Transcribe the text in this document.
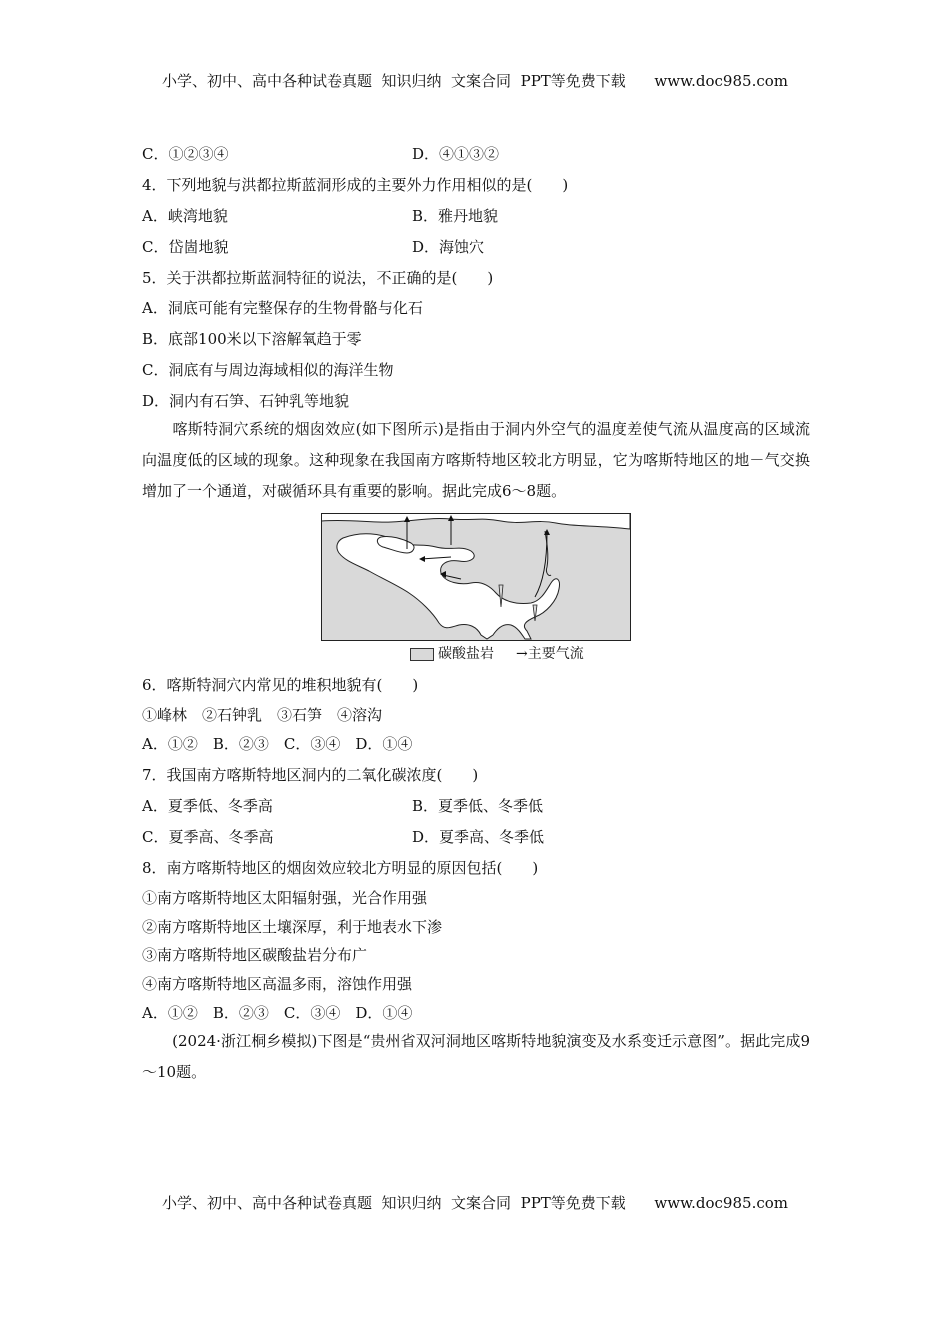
小学、初中、高中各种试卷真题  知识归纳  文案合同  PPT等免费下载      www.doc985.com
C．①②③④	D．④①③②
4．下列地貌与洪都拉斯蓝洞形成的主要外力作用相似的是(　　)
A．峡湾地貌	B．雅丹地貌
C．岱崮地貌	D．海蚀穴
5．关于洪都拉斯蓝洞特征的说法，不正确的是(　　)
A．洞底可能有完整保存的生物骨骼与化石
B．底部100米以下溶解氧趋于零
C．洞底有与周边海域相似的海洋生物
D．洞内有石笋、石钟乳等地貌
　　喀斯特洞穴系统的烟囱效应(如下图所示)是指由于洞内外空气的温度差使气流从温度高的区域流向温度低的区域的现象。这种现象在我国南方喀斯特地区较北方明显，它为喀斯特地区的地－气交换增加了一个通道，对碳循环具有重要的影响。据此完成6～8题。
碳酸盐岩 →主要气流
6．喀斯特洞穴内常见的堆积地貌有(　　)
①峰林　②石钟乳　③石笋　④溶沟
A．①②　B．②③　C．③④　D．①④
7．我国南方喀斯特地区洞内的二氧化碳浓度(　　)
A．夏季低、冬季高	B．夏季低、冬季低
C．夏季高、冬季高	D．夏季高、冬季低
8．南方喀斯特地区的烟囱效应较北方明显的原因包括(　　)
①南方喀斯特地区太阳辐射强，光合作用强
②南方喀斯特地区土壤深厚，利于地表水下渗
③南方喀斯特地区碳酸盐岩分布广
④南方喀斯特地区高温多雨，溶蚀作用强
A．①②　B．②③　C．③④　D．①④
　　(2024·浙江桐乡模拟)下图是“贵州省双河洞地区喀斯特地貌演变及水系变迁示意图”。据此完成9～10题。
小学、初中、高中各种试卷真题  知识归纳  文案合同  PPT等免费下载      www.doc985.com
